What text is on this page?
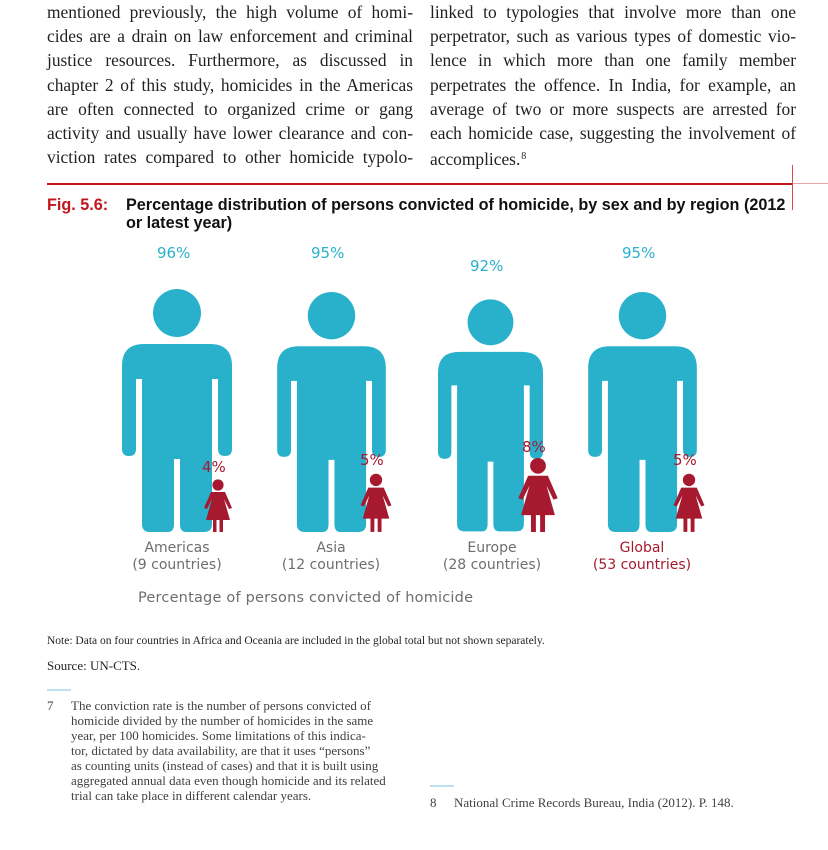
mentioned previously, the high volume of homi-
cides are a drain on law enforcement and criminal
justice resources. Furthermore, as discussed in
chapter 2 of this study, homicides in the Americas
are often connected to organized crime or gang
activity and usually have lower clearance and con-
viction rates compared to other homicide typolo-
linked to typologies that involve more than one
perpetrator, such as various types of domestic vio-
lence in which more than one family member
perpetrates the offence. In India, for example, an
average of two or more suspects are arrested for
each homicide case, suggesting the involvement of
accomplices.$^8$
Fig. 5.6: Percentage distribution of persons convicted of homicide, by sex and by region (2012 or latest year)
96%
4%
Americas
(9 countries)
95%
5%
Asia
(12 countries)
92%
8%
Europe
(28 countries)
95%
5%
Global
(53 countries)
Percentage of persons convicted of homicide
Note: Data on four countries in Africa and Oceania are included in the global total but not shown separately.
Source: UN-CTS.
7 The conviction rate is the number of persons convicted of
homicide divided by the number of homicides in the same
year, per 100 homicides. Some limitations of this indica-
tor, dictated by data availability, are that it uses “persons”
as counting units (instead of cases) and that it is built using
aggregated annual data even though homicide and its related
trial can take place in different calendar years.	8 National Crime Records Bureau, India (2012). P. 148.
